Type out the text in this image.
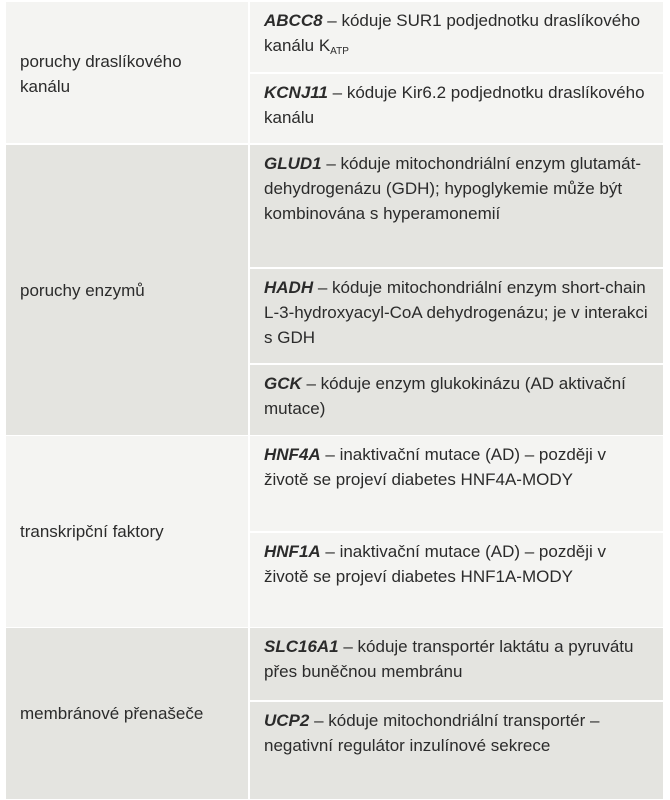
poruchy draslíkového kanálu
ABCC8 – kóduje SUR1 podjednotku draslíkového kanálu $K_{ATP}$
KCNJ11 – kóduje Kir6.2 podjednotku draslíkového kanálu
poruchy enzymů
GLUD1 – kóduje mitochondriální enzym glutamát-dehydrogenázu (GDH); hypoglykemie může být kombinována s hyperamonemií
HADH – kóduje mitochondriální enzym short-chain L-3-hydroxyacyl-CoA dehydrogenázu; je v interakci s GDH
GCK – kóduje enzym glukokinázu (AD aktivační mutace)
transkripční faktory
HNF4A – inaktivační mutace (AD) – později v životě se projeví diabetes HNF4A-MODY
HNF1A – inaktivační mutace (AD) – později v životě se projeví diabetes HNF1A-MODY
membránové přenašeče
SLC16A1 – kóduje transportér laktátu a pyruvátu přes buněčnou membránu
UCP2 – kóduje mitochondriální transportér – negativní regulátor inzulínové sekrece
